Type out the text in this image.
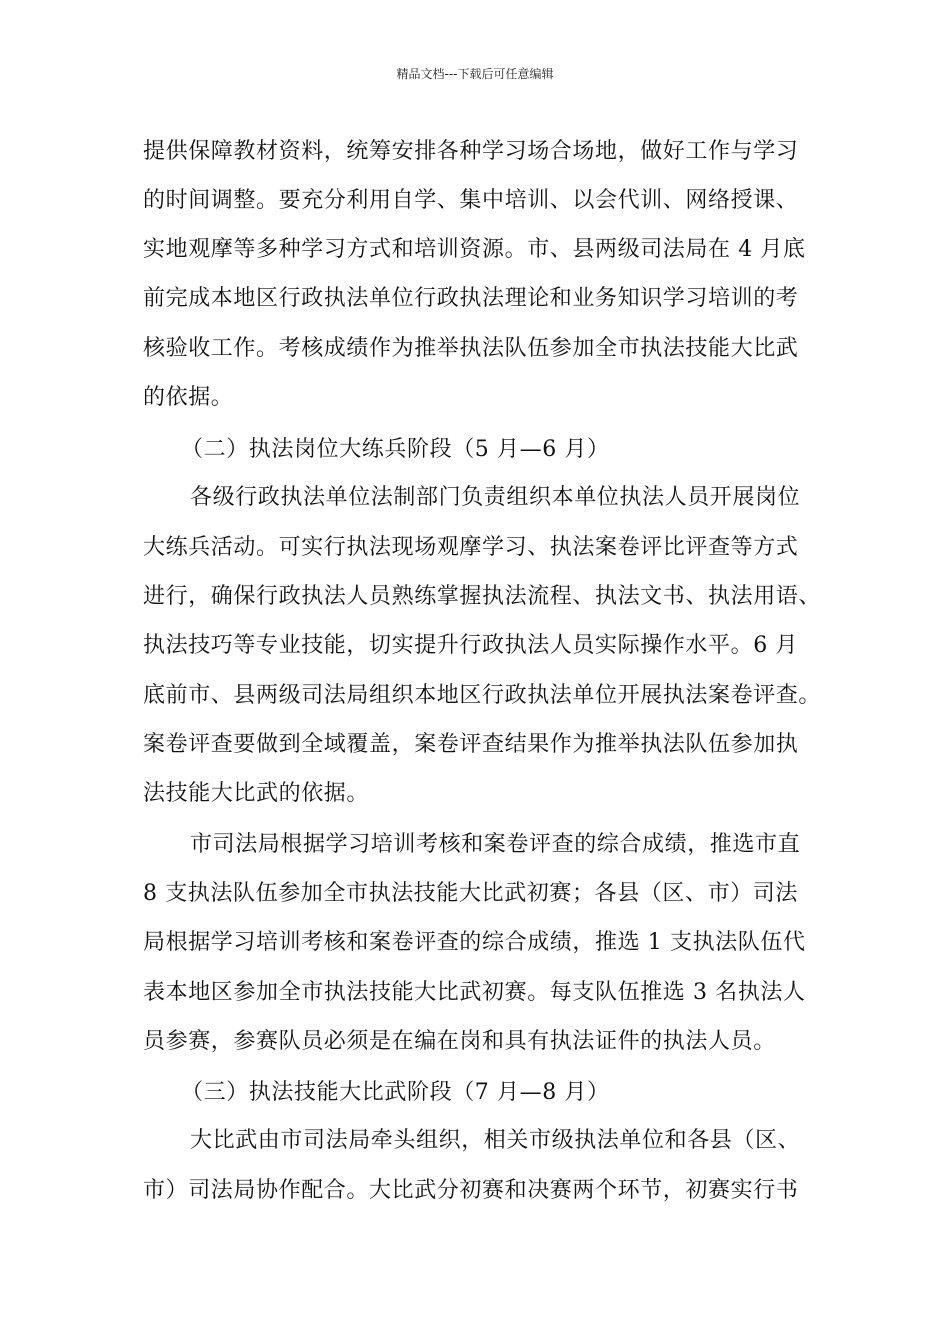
精品文档---下载后可任意编辑
提供保障教材资料，统筹安排各种学习场合场地，做好工作与学习
的时间调整。要充分利用自学、集中培训、以会代训、网络授课、
实地观摩等多种学习方式和培训资源。市、县两级司法局在 4 月底
前完成本地区行政执法单位行政执法理论和业务知识学习培训的考
核验收工作。考核成绩作为推举执法队伍参加全市执法技能大比武
的依据。
（二）执法岗位大练兵阶段（5 月—6 月）
各级行政执法单位法制部门负责组织本单位执法人员开展岗位
大练兵活动。可实行执法现场观摩学习、执法案卷评比评查等方式
进行，确保行政执法人员熟练掌握执法流程、执法文书、执法用语、
执法技巧等专业技能，切实提升行政执法人员实际操作水平。6 月
底前市、县两级司法局组织本地区行政执法单位开展执法案卷评查。
案卷评查要做到全域覆盖，案卷评查结果作为推举执法队伍参加执
法技能大比武的依据。
市司法局根据学习培训考核和案卷评查的综合成绩，推选市直
8 支执法队伍参加全市执法技能大比武初赛；各县（区、市）司法
局根据学习培训考核和案卷评查的综合成绩，推选 1 支执法队伍代
表本地区参加全市执法技能大比武初赛。每支队伍推选 3 名执法人
员参赛，参赛队员必须是在编在岗和具有执法证件的执法人员。
（三）执法技能大比武阶段（7 月—8 月）
大比武由市司法局牵头组织，相关市级执法单位和各县（区、
市）司法局协作配合。大比武分初赛和决赛两个环节，初赛实行书
